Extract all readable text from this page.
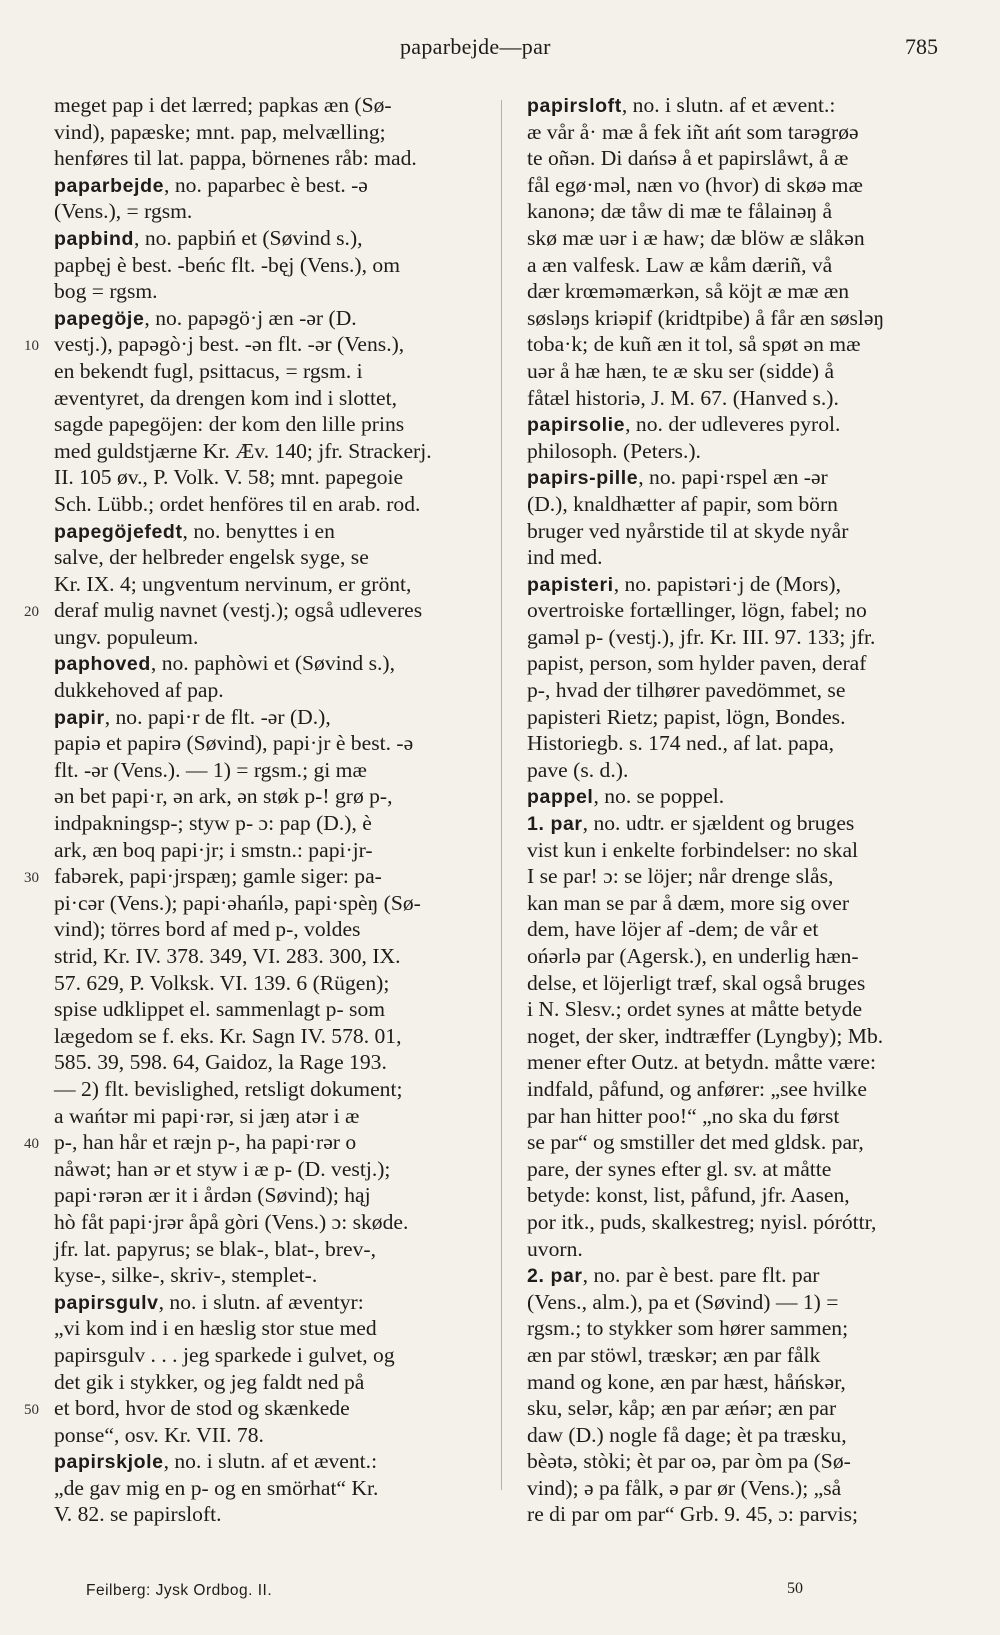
paparbejde—par	785
meget pap i det lærred; papkas æn (Sø-
vind), papæske; mnt. pap, melvælling;
henføres til lat. pappa, börnenes råb: mad.
paparbejde, no. paparbec è best. -ə
(Vens.), = rgsm.
papbind, no. papbiń et (Søvind s.),
papbęj è best. -beńc flt. -bęj (Vens.), om
bog = rgsm.
papegöje, no. papəgö·j æn -ər (D.
10 vestj.), papəgò·j best. -ən flt. -ər (Vens.),
en bekendt fugl, psittacus, = rgsm. i
æventyret, da drengen kom ind i slottet,
sagde papegöjen: der kom den lille prins
med guldstjærne Kr. Æv. 140; jfr. Strackerj.
II. 105 øv., P. Volk. V. 58; mnt. papegoie
Sch. Lübb.; ordet henföres til en arab. rod.
papegöjefedt, no. benyttes i en
salve, der helbreder engelsk syge, se
Kr. IX. 4; ungventum nervinum, er grönt,
20 deraf mulig navnet (vestj.); også udleveres
ungv. populeum.
paphoved, no. paphòwi et (Søvind s.),
dukkehoved af pap.
papir, no. papi·r de flt. -ər (D.),
papiə et papirə (Søvind), papi·jr è best. -ə
flt. -ər (Vens.). — 1) = rgsm.; gi mæ
ən bet papi·r, ən ark, ən støk p-! grø p-,
indpakningsp-; styw p- ɔ: pap (D.), è
ark, æn boq papi·jr; i smstn.: papi·jr-
30 fabərek, papi·jrspæŋ; gamle siger: pa-
pi·cər (Vens.); papi·əhańlə, papi·spèŋ (Sø-
vind); törres bord af med p-, voldes
strid, Kr. IV. 378. 349, VI. 283. 300, IX.
57. 629, P. Volksk. VI. 139. 6 (Rügen);
spise udklippet el. sammenlagt p- som
lægedom se f. eks. Kr. Sagn IV. 578. 01,
585. 39, 598. 64, Gaidoz, la Rage 193.
— 2) flt. bevislighed, retsligt dokument;
a wańtər mi papi·rər, si jæŋ atər i æ
40 p-, han hår et ræjn p-, ha papi·rər o
nåwət; han ər et styw i æ p- (D. vestj.);
papi·rərən ær it i årdən (Søvind); hąj
hò fåt papi·jrər åpå gòri (Vens.) ɔ: skøde.
jfr. lat. papyrus; se blak-, blat-, brev-,
kyse-, silke-, skriv-, stemplet-.
papirsgulv, no. i slutn. af æventyr:
„vi kom ind i en hæslig stor stue med
papirsgulv . . . jeg sparkede i gulvet, og
det gik i stykker, og jeg faldt ned på
50 et bord, hvor de stod og skænkede
ponse“, osv. Kr. VII. 78.
papirskjole, no. i slutn. af et ævent.:
„de gav mig en p- og en smörhat“ Kr.
V. 82. se papirsloft.
papirsloft, no. i slutn. af et ævent.:
æ vår å· mæ å fek iñt ańt som tarəgrøə
te oñən. Di dańsə å et papirslåwt, å æ
fål egø·məl, næn vo (hvor) di skøə mæ
kanonə; dæ tåw di mæ te fålainəŋ å
skø mæ uər i æ haw; dæ blöw æ slåkən
a æn valfesk. Law æ kåm dæriñ, vå
dær krœməmærkən, så köjt æ mæ æn
søsləŋs kriəpif (kridtpibe) å får æn søsləŋ
toba·k; de kuñ æn it tol, så spøt ən mæ
uər å hæ hæn, te æ sku ser (sidde) å
fåtæl historiə, J. M. 67. (Hanved s.).
papirsolie, no. der udleveres pyrol.
philosoph. (Peters.).
papirs-pille, no. papi·rspel æn -ər
(D.), knaldhætter af papir, som börn
bruger ved nyårstide til at skyde nyår
ind med.
papisteri, no. papistəri·j de (Mors),
overtroiske fortællinger, lögn, fabel; no
gaməl p- (vestj.), jfr. Kr. III. 97. 133; jfr.
papist, person, som hylder paven, deraf
p-, hvad der tilhører pavedömmet, se
papisteri Rietz; papist, lögn, Bondes.
Historiegb. s. 174 ned., af lat. papa,
pave (s. d.).
pappel, no. se poppel.
1. par, no. udtr. er sjældent og bruges
vist kun i enkelte forbindelser: no skal
I se par! ɔ: se löjer; når drenge slås,
kan man se par å dæm, more sig over
dem, have löjer af -dem; de vår et
ońərlə par (Agersk.), en underlig hæn-
delse, et löjerligt træf, skal også bruges
i N. Slesv.; ordet synes at måtte betyde
noget, der sker, indtræffer (Lyngby); Mb.
mener efter Outz. at betydn. måtte være:
indfald, påfund, og anfører: „see hvilke
par han hitter poo!“ „no ska du først
se par“ og smstiller det med gldsk. par,
pare, der synes efter gl. sv. at måtte
betyde: konst, list, påfund, jfr. Aasen,
por itk., puds, skalkestreg; nyisl. póróttr,
uvorn.
2. par, no. par è best. pare flt. par
(Vens., alm.), pa et (Søvind) — 1) =
rgsm.; to stykker som hører sammen;
æn par stöwl, træskər; æn par fålk
mand og kone, æn par hæst, håńskər,
sku, selər, kåp; æn par æńər; æn par
daw (D.) nogle få dage; èt pa træsku,
bèətə, stòki; èt par oə, par òm pa (Sø-
vind); ə pa fålk, ə par ør (Vens.); „så
re di par om par“ Grb. 9. 45, ɔ: parvis;
Feilberg: Jysk Ordbog. II.	50
